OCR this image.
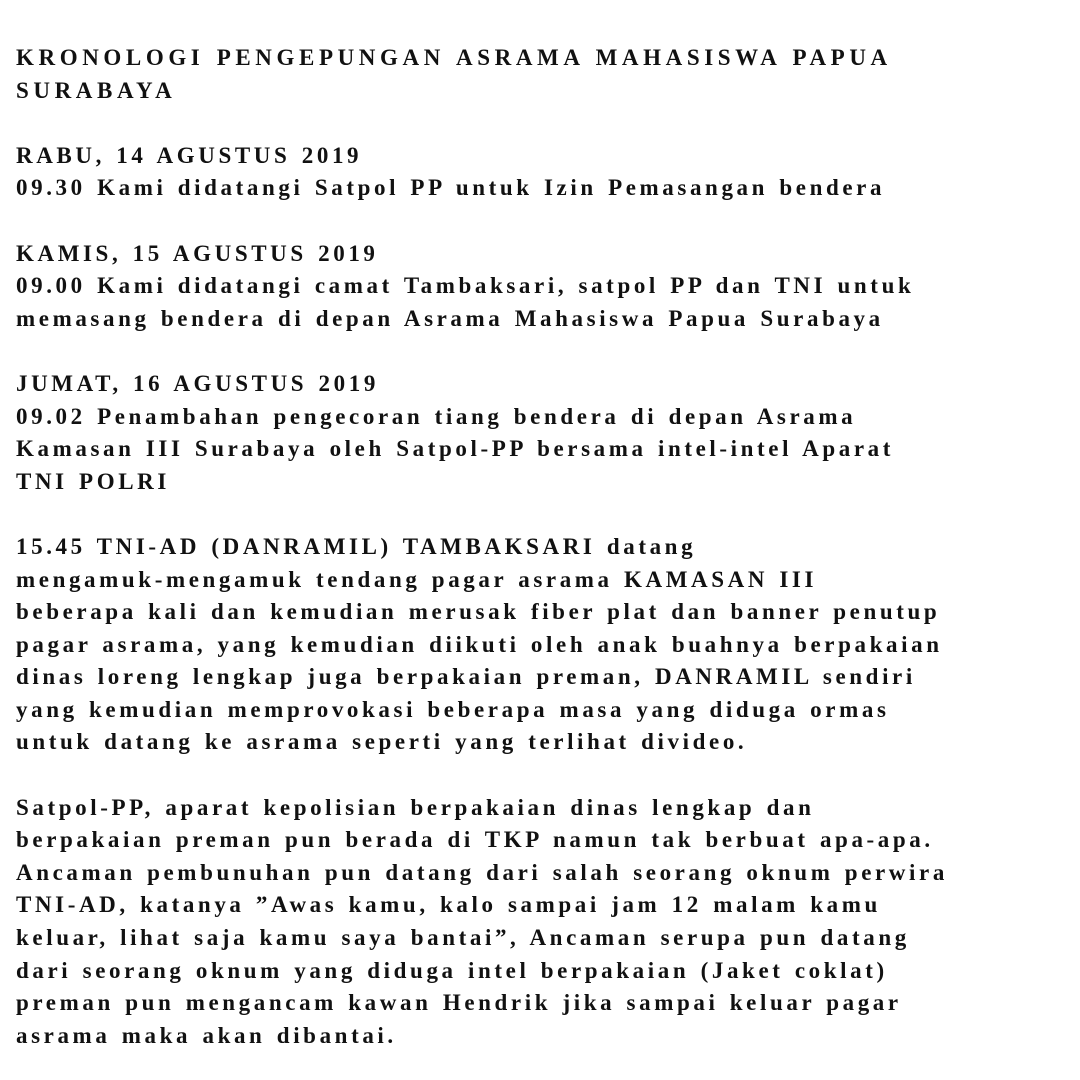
KRONOLOGI PENGEPUNGAN ASRAMA MAHASISWA PAPUA
SURABAYA
RABU, 14 AGUSTUS 2019
09.30 Kami didatangi Satpol PP untuk Izin Pemasangan bendera
KAMIS, 15 AGUSTUS 2019
09.00 Kami didatangi camat Tambaksari, satpol PP dan TNI untuk
memasang bendera di depan Asrama Mahasiswa Papua Surabaya
JUMAT, 16 AGUSTUS 2019
09.02 Penambahan pengecoran tiang bendera di depan Asrama
Kamasan III Surabaya oleh Satpol-PP bersama intel-intel Aparat
TNI POLRI
15.45 TNI-AD (DANRAMIL) TAMBAKSARI datang
mengamuk-mengamuk tendang pagar asrama KAMASAN III
beberapa kali dan kemudian merusak fiber plat dan banner penutup
pagar asrama, yang kemudian diikuti oleh anak buahnya berpakaian
dinas loreng lengkap juga berpakaian preman, DANRAMIL sendiri
yang kemudian memprovokasi beberapa masa yang diduga ormas
untuk datang ke asrama seperti yang terlihat divideo.
Satpol-PP, aparat kepolisian berpakaian dinas lengkap dan
berpakaian preman pun berada di TKP namun tak berbuat apa-apa.
Ancaman pembunuhan pun datang dari salah seorang oknum perwira
TNI-AD, katanya ”Awas kamu, kalo sampai jam 12 malam kamu
keluar, lihat saja kamu saya bantai”, Ancaman serupa pun datang
dari seorang oknum yang diduga intel berpakaian (Jaket coklat)
preman pun mengancam kawan Hendrik jika sampai keluar pagar
asrama maka akan dibantai.
